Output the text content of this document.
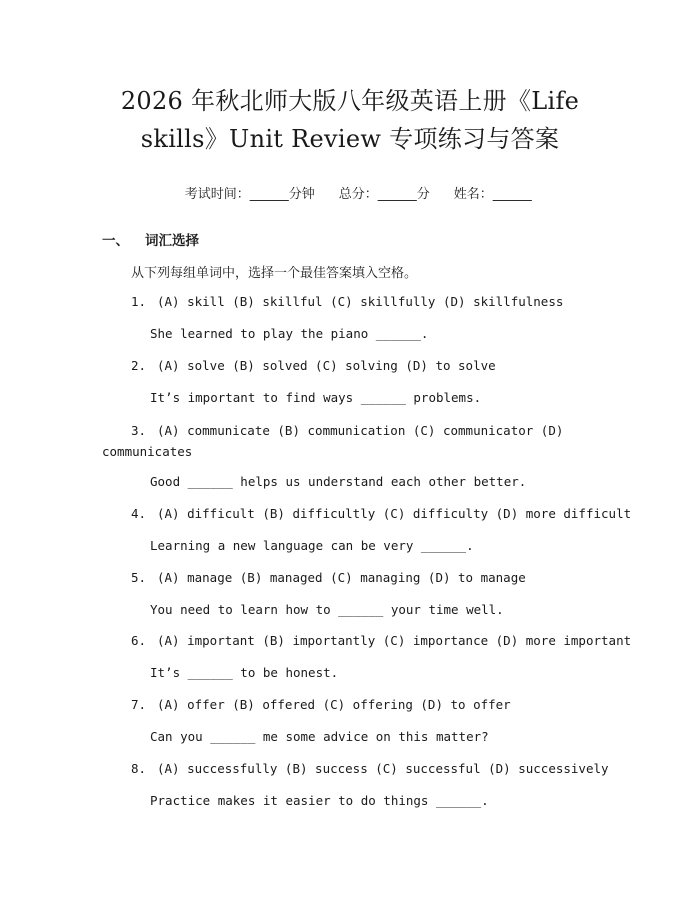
2026 年秋北师大版八年级英语上册《Life
skills》Unit Review 专项练习与答案

考试时间：______分钟 总分：______分 姓名：______

一、 词汇选择
从下列每组单词中，选择一个最佳答案填入空格。
1. (A) skill (B) skillful (C) skillfully (D) skillfulness
She learned to play the piano ______.
2. (A) solve (B) solved (C) solving (D) to solve
It’s important to find ways ______ problems.
3. (A) communicate (B) communication (C) communicator (D) communicates
Good ______ helps us understand each other better.
4. (A) difficult (B) difficultly (C) difficulty (D) more difficult
Learning a new language can be very ______.
5. (A) manage (B) managed (C) managing (D) to manage
You need to learn how to ______ your time well.
6. (A) important (B) importantly (C) importance (D) more important
It’s ______ to be honest.
7. (A) offer (B) offered (C) offering (D) to offer
Can you ______ me some advice on this matter?
8. (A) successfully (B) success (C) successful (D) successively
Practice makes it easier to do things ______.
